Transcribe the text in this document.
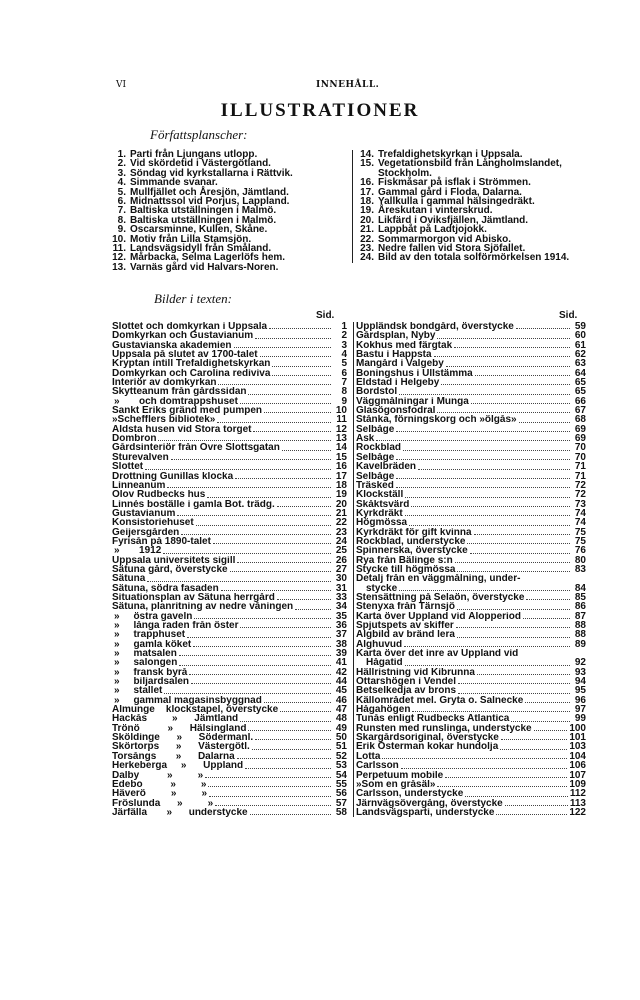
VI	INNEHÅLL.
ILLUSTRATIONER
Författsplanscher:
1. Parti från Ljungans utlopp.
2. Vid skördetid i Västergötland.
3. Söndag vid kyrkstallarna i Rättvik.
4. Simmande svanar.
5. Mullfjället och Åresjön, Jämtland.
6. Midnattssol vid Porjus, Lappland.
7. Baltiska utställningen i Malmö.
8. Baltiska utställningen i Malmö.
9. Oscarsminne, Kullen, Skåne.
10. Motiv från Lilla Stamsjön.
11. Landsvägsidyll från Småland.
12. Mårbacka, Selma Lagerlöfs hem.
13. Varnäs gård vid Halvars-Noren.
14. Trefaldighetskyrkan i Uppsala.
15. Vegetationsbild från Långholmslandet, Stockholm.
16. Fiskmåsar på isflak i Strömmen.
17. Gammal gård i Floda, Dalarna.
18. Yallkulla i gammal hälsingedräkt.
19. Åreskutan i vinterskrud.
20. Likfärd i Oviksfjällen, Jämtland.
21. Lappbåt på Ladtjojokk.
22. Sommarmorgon vid Abisko.
23. Nedre fallen vid Stora Sjöfallet.
24. Bild av den totala solförmörkelsen 1914.
Bilder i texten:
Sid.	Sid.
Slottet och domkyrkan i Uppsala	1
Domkyrkan och Gustavianum	2
Gustavianska akademien	3
Uppsala på slutet av 1700-talet	4
Kryptan intill Trefaldighetskyrkan	5
Domkyrkan och Carolina rediviva	6
Interiör av domkyrkan	7
Skytteanum från gårdssidan	8
»       och domtrappshuset	9
Sankt Eriks gränd med pumpen	10
»Schefflers bibliotek»	11
Äldsta husen vid Stora torget	12
Dombron	13
Gårdsinteriör från Övre Slottsgatan	14
Sturevalven	15
Slottet	16
Drottning Gunillas klocka	17
Linneanum	18
Olov Rudbecks hus	19
Linnés boställe i gamla Bot. trädg.	20
Gustavianum	21
Konsistoriehuset	22
Geijersgården	23
Fyrisån på 1890-talet	24
»       1912	25
Uppsala universitets sigill	26
Sätuna gård, överstycke	27
Sätuna	30
Sätuna, södra fasaden	31
Situationsplan av Sätuna herrgård	33
Sätuna, planritning av nedre våningen	34
»     östra gaveln	35
»     långa raden från öster	36
»     trapphuset	37
»     gamla köket	38
»     matsalen	39
»     salongen	41
»     fransk byrå	42
»     biljardsalen	44
»     stallet	45
»     gammal magasinsbyggnad	46
Almunge    klockstapel, överstycke	47
Hackås         »      Jämtland	48
Trönö          »      Hälsingland	49
Sköldinge      »      Södermanl.	50
Skörtorps      »      Västergötl.	51
Torsångs       »      Dalarna	52
Herkeberga     »      Uppland	53
Dalby          »         »	54
Edebo          »         »	55
Häverö         »         »	56
Fröslunda      »         »	57
Järfälla       »      understycke	58
Uppländsk bondgård, överstycke	59
Gårdsplan, Nyby	60
Kokhus med färgtak	61
Bastu i Happsta	62
Mangård i Valgeby	63
Boningshus i Ullstämma	64
Eldstad i Helgeby	65
Bordstol	65
Väggmålningar i Munga	66
Glasögonsfodral	67
Stånka, förningskorg och »ölgås»	68
Selbåge	69
Ask	69
Rockblad	70
Selbåge	70
Kavelbräden	71
Selbåge	71
Träsked	72
Klockställ	72
Skåktsvärd	73
Kyrkdräkt	74
Högmössa	74
Kyrkdräkt för gift kvinna	75
Rockblad, understycke	75
Spinnerska, överstycke	76
Rya från Bälinge s:n	80
Stycke till högmössa	83
Detalj från en väggmålning, under-
stycke	84
Stensättning på Selaön, överstycke	85
Stenyxa från Tärnsjö	86
Karta över Uppland vid Ålopperiod	87
Spjutspets av skiffer	88
Ålgbild av bränd lera	88
Älghuvud	89
Karta över det inre av Uppland vid
Hågatid	92
Hällristning vid Kibrunna	93
Ottarshögen i Vendel	94
Betselkedja av brons	95
Källområdet mel. Gryta o. Salnecke	96
Hågahögen	97
Tunås enligt Rudbecks Atlantica	99
Runsten med runslinga, understycke	100
Skargårdsoriginal, överstycke	101
Erik Österman kokar hundolja	103
Lotta	104
Carlsson	106
Perpetuum mobile	107
»Som en gråsäl»	109
Carlsson, understycke	112
Järnvägsövergång, överstycke	113
Landsvägsparti, understycke	122
